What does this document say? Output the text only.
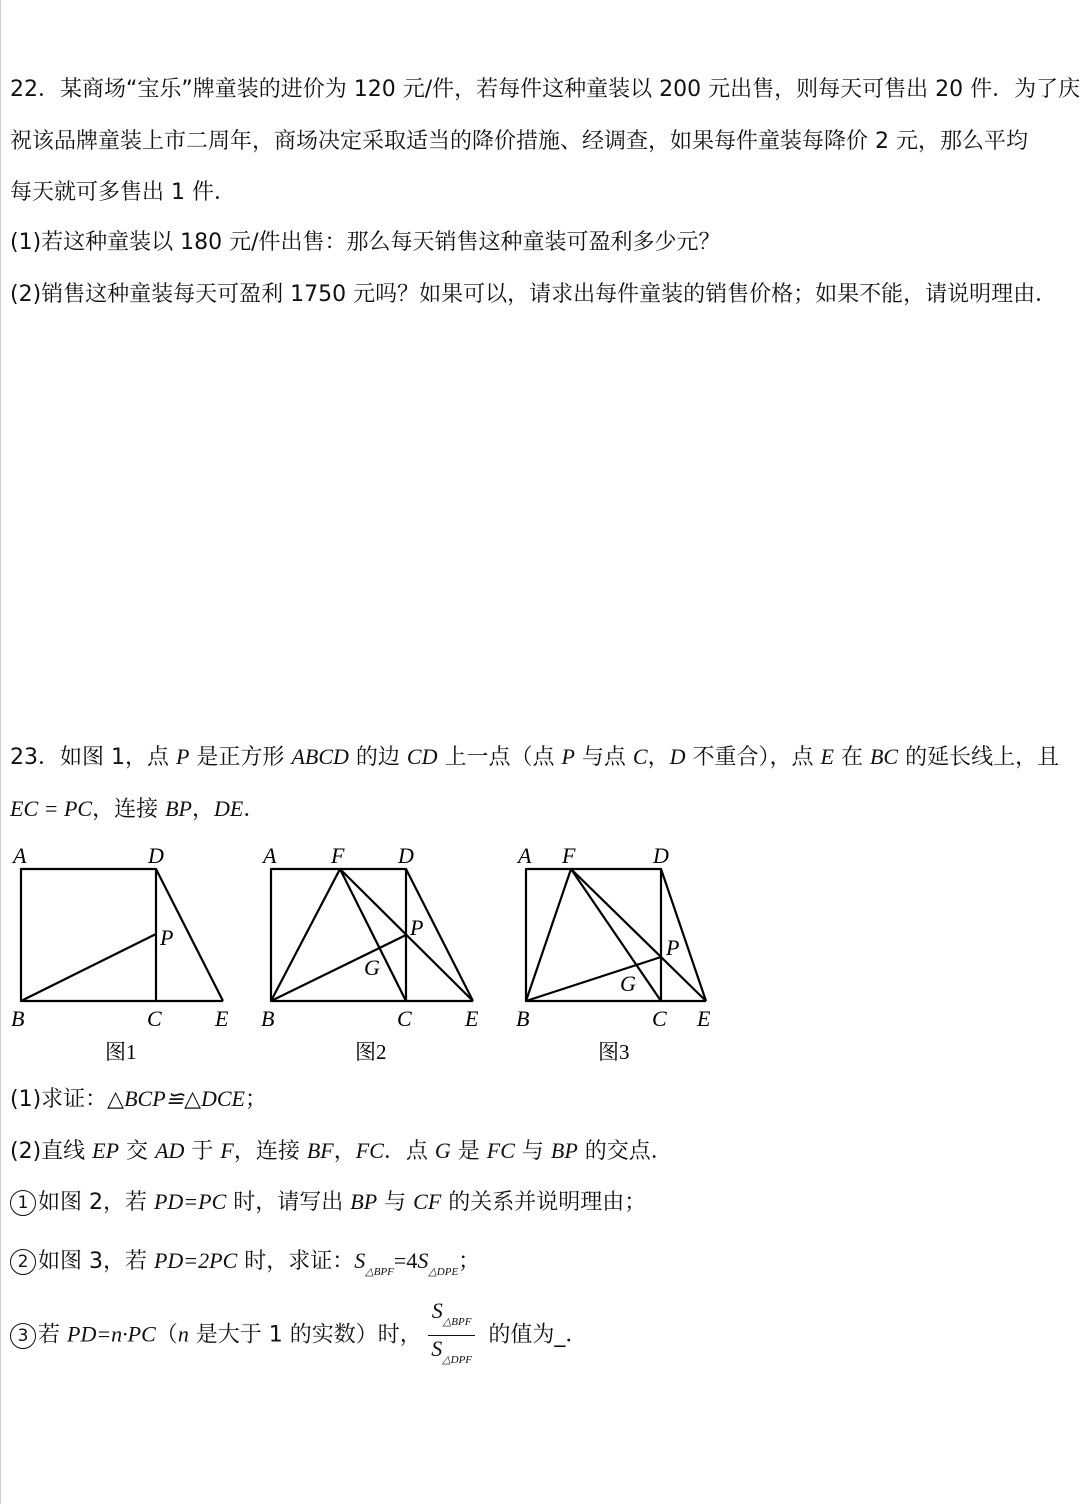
22．某商场“宝乐”牌童装的进价为 120 元/件，若每件这种童装以 200 元出售，则每天可售出 20 件．为了庆
祝该品牌童装上市二周年，商场决定采取适当的降价措施、经调查，如果每件童装每降价 2 元，那么平均
每天就可多售出 1 件．
(1)若这种童装以 180 元/件出售：那么每天销售这种童装可盈利多少元？
(2)销售这种童装每天可盈利 1750 元吗？如果可以，请求出每件童装的销售价格；如果不能，请说明理由．
23．如图 1，点 P 是正方形 ABCD 的边 CD 上一点（点 P 与点 C，D 不重合），点 E 在 BC 的延长线上，且
EC = PC，连接 BP，DE．
A	D
P
B	C E
图1
A F D
P
G
B	C E
图2
A F	D
P
G
B	C E
图3
(1)求证：△BCP≌△DCE；
(2)直线 EP 交 AD 于 F，连接 BF，FC．点 G 是 FC 与 BP 的交点．
1 如图 2，若 PD=PC 时，请写出 BP 与 CF 的关系并说明理由；
2 如图 3，若 PD=2PC 时，求证：$S_{\triangle BPF}=4S_{\triangle DPE}$；
3 若 PD=n·PC（n 是大于 1 的实数）时， $\frac{S_{\triangle BPF}}{S_{\triangle DPF}}$ 的值为_．
